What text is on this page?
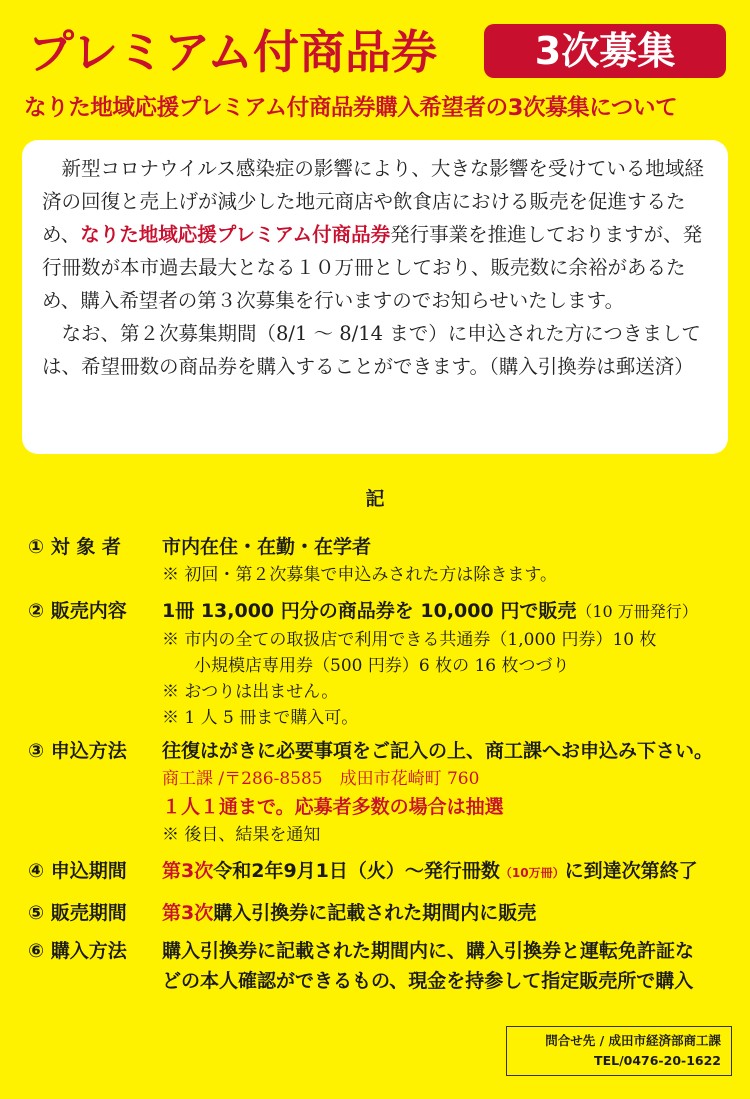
プレミアム付商品券	3次募集
なりた地域応援プレミアム付商品券購入希望者の3次募集について

新型コロナウイルス感染症の影響により、大きな影響を受けている地域経済の回復と売上げが減少した地元商店や飲食店における販売を促進するため、なりた地域応援プレミアム付商品券発行事業を推進しておりますが、発行冊数が本市過去最大となる１０万冊としており、販売数に余裕があるため、購入希望者の第３次募集を行いますのでお知らせいたします。

なお、第２次募集期間（8/1 ～ 8/14 まで）に申込された方につきましては、希望冊数の商品券を購入することができます。（購入引換券は郵送済）

記
① 対 象 者	市内在住・在勤・在学者
※ 初回・第２次募集で申込みされた方は除きます。
② 販売内容	1冊 13,000 円分の商品券を 10,000 円で販売（10 万冊発行）
※ 市内の全ての取扱店で利用できる共通券（1,000 円券）10 枚
小規模店専用券（500 円券）6 枚の 16 枚つづり
※ おつりは出ません。
※ 1 人 5 冊まで購入可。
③ 申込方法	往復はがきに必要事項をご記入の上、商工課へお申込み下さい。
商工課 /〒286-8585　成田市花崎町 760
１人１通まで。応募者多数の場合は抽選
※ 後日、結果を通知
④ 申込期間	第3次令和2年9月1日（火）～発行冊数（10万冊）に到達次第終了
⑤ 販売期間	第3次購入引換券に記載された期間内に販売
⑥ 購入方法	購入引換券に記載された期間内に、購入引換券と運転免許証な
どの本人確認ができるもの、現金を持参して指定販売所で購入
問合せ先 / 成田市経済部商工課
TEL/0476-20-1622
